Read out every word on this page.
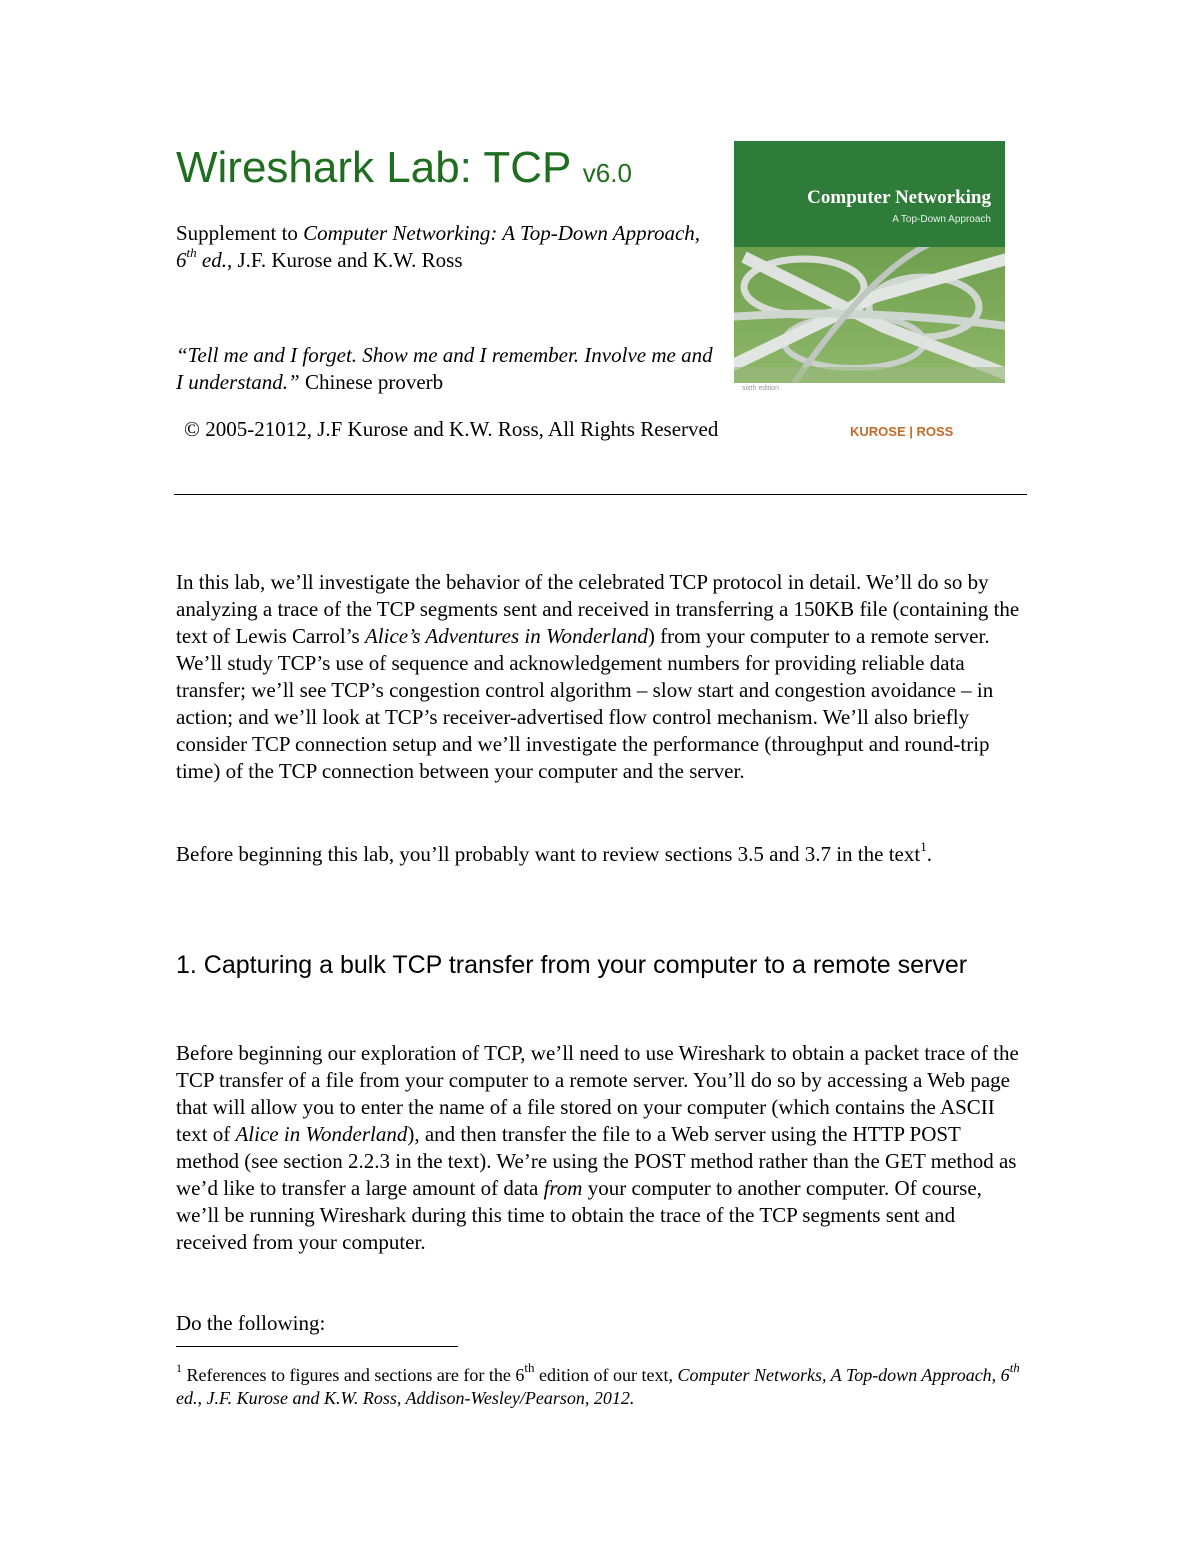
Wireshark Lab: TCP v6.0

Supplement to Computer Networking: A Top-Down Approach, 6th ed., J.F. Kurose and K.W. Ross

“Tell me and I forget. Show me and I remember. Involve me and I understand.” Chinese proverb

© 2005-21012, J.F Kurose and K.W. Ross, All Rights Reserved

Computer Networking
A Top-Down Approach
sixth edition
KUROSE | ROSS

In this lab, we’ll investigate the behavior of the celebrated TCP protocol in detail. We’ll do so by analyzing a trace of the TCP segments sent and received in transferring a 150KB file (containing the text of Lewis Carrol’s Alice’s Adventures in Wonderland) from your computer to a remote server. We’ll study TCP’s use of sequence and acknowledgement numbers for providing reliable data transfer; we’ll see TCP’s congestion control algorithm – slow start and congestion avoidance – in action; and we’ll look at TCP’s receiver-advertised flow control mechanism. We’ll also briefly consider TCP connection setup and we’ll investigate the performance (throughput and round-trip time) of the TCP connection between your computer and the server.

Before beginning this lab, you’ll probably want to review sections 3.5 and 3.7 in the text$^1$.

1. Capturing a bulk TCP transfer from your computer to a remote server

Before beginning our exploration of TCP, we’ll need to use Wireshark to obtain a packet trace of the TCP transfer of a file from your computer to a remote server. You’ll do so by accessing a Web page that will allow you to enter the name of a file stored on your computer (which contains the ASCII text of Alice in Wonderland), and then transfer the file to a Web server using the HTTP POST method (see section 2.2.3 in the text). We’re using the POST method rather than the GET method as we’d like to transfer a large amount of data from your computer to another computer. Of course, we’ll be running Wireshark during this time to obtain the trace of the TCP segments sent and received from your computer.

Do the following:

$^1$ References to figures and sections are for the 6th edition of our text, Computer Networks, A Top-down Approach, 6th ed., J.F. Kurose and K.W. Ross, Addison-Wesley/Pearson, 2012.
